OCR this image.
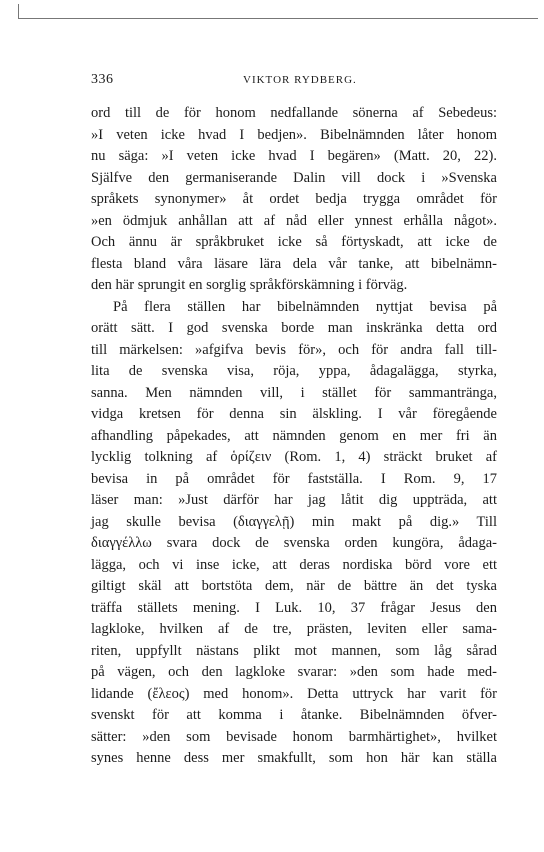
336	VIKTOR RYDBERG.
ord till de för honom nedfallande sönerna af Sebedeus:
»I veten icke hvad I bedjen». Bibelnämnden låter honom
nu säga: »I veten icke hvad I begären» (Matt. 20, 22).
Själfve den germaniserande Dalin vill dock i »Svenska
språkets synonymer» åt ordet bedja trygga området för
»en ödmjuk anhållan att af nåd eller ynnest erhålla något».
Och ännu är språkbruket icke så förtyskadt, att icke de
flesta bland våra läsare lära dela vår tanke, att bibelnämn-
den här sprungit en sorglig språkförskämning i förväg.
På flera ställen har bibelnämnden nyttjat bevisa på
orätt sätt. I god svenska borde man inskränka detta ord
till märkelsen: »afgifva bevis för», och för andra fall till-
lita de svenska visa, röja, yppa, ådagalägga, styrka,
sanna. Men nämnden vill, i stället för sammanträngа,
vidga kretsen för denna sin älskling. I vår föregående
afhandling påpekades, att nämnden genom en mer fri än
lycklig tolkning af ὁρίζειν (Rom. 1, 4) sträckt bruket af
bevisa in på området för fastställa. I Rom. 9, 17
läser man: »Just därför har jag låtit dig uppträda, att
jag skulle bevisa (διαγγελῇ) min makt på dig.» Till
διαγγέλλω svara dock de svenska orden kungöra, ådaga-
lägga, och vi inse icke, att deras nordiska börd vore ett
giltigt skäl att bortstöta dem, när de bättre än det tyska
träffa ställets mening. I Luk. 10, 37 frågar Jesus den
lagkloke, hvilken af de tre, prästen, leviten eller sama-
riten, uppfyllt nästans plikt mot mannen, som låg sårad
på vägen, och den lagkloke svarar: »den som hade med-
lidande (ἔλεος) med honom». Detta uttryck har varit för
svenskt för att komma i åtanke. Bibelnämnden öfver-
sätter: »den som bevisade honom barmhärtighet», hvilket
synes henne dess mer smakfullt, som hon här kan ställa
